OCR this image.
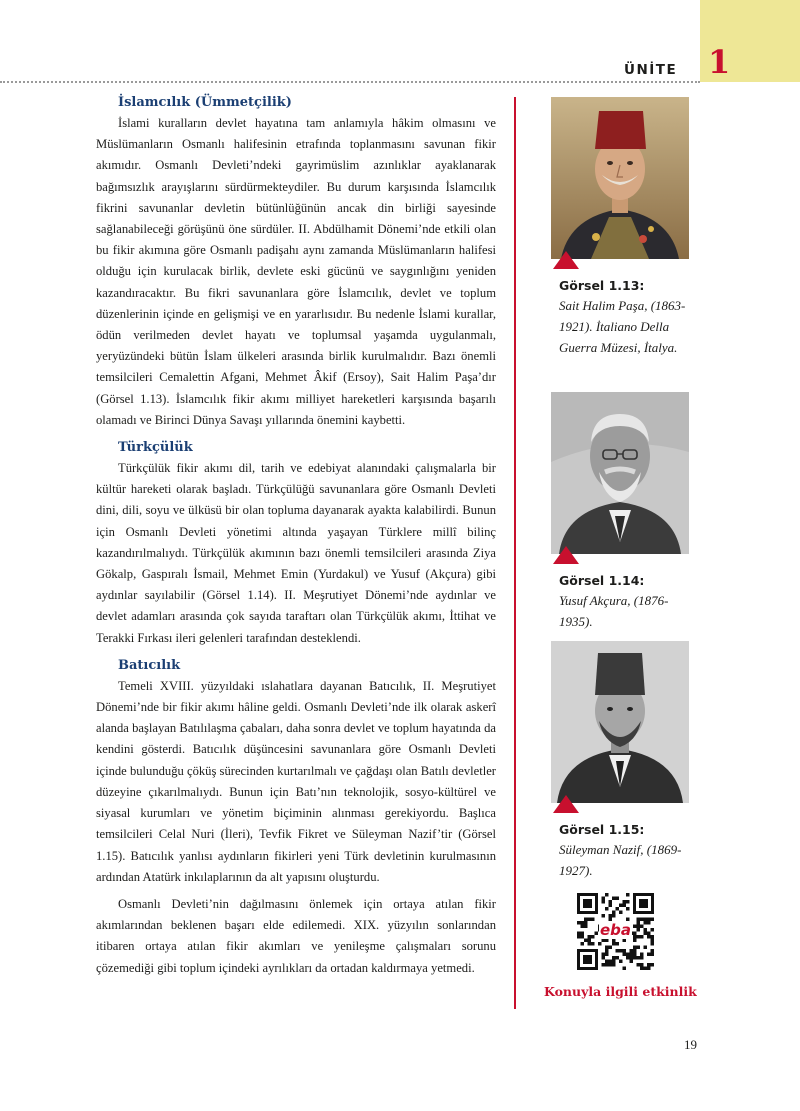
ÜNİTE 1
İslamcılık (Ümmetçilik)

İslami kuralların devlet hayatına tam anlamıyla hâkim olmasını ve Müslümanların Osmanlı halifesinin etrafında toplanmasını savunan fikir akımıdır. Osmanlı Devleti’ndeki gayrimüslim azınlıklar ayaklanarak bağımsızlık arayışlarını sürdürmekteydiler. Bu durum karşısında İslamcılık fikrini savunanlar devletin bütünlüğünün ancak din birliği sayesinde sağlanabileceği görüşünü öne sürdüler. II. Abdülhamit Dönemi’nde etkili olan bu fikir akımına göre Osmanlı padişahı aynı zamanda Müslümanların halifesi olduğu için kurulacak birlik, devlete eski gücünü ve saygınlığını yeniden kazandıracaktır. Bu fikri savunanlara göre İslamcılık, devlet ve toplum düzenlerinin içinde en gelişmişi ve en yararlısıdır. Bu nedenle İslami kurallar, ödün verilmeden devlet hayatı ve toplumsal yaşamda uygulanmalı, yeryüzündeki bütün İslam ülkeleri arasında birlik kurulmalıdır. Bazı önemli temsilcileri Cemalettin Afgani, Mehmet Âkif (Ersoy), Sait Halim Paşa’dır (Görsel 1.13). İslamcılık fikir akımı milliyet hareketleri karşısında başarılı olamadı ve Birinci Dünya Savaşı yıllarında önemini kaybetti.

Türkçülük

Türkçülük fikir akımı dil, tarih ve edebiyat alanındaki çalışmalarla bir kültür hareketi olarak başladı. Türkçülüğü savunanlara göre Osmanlı Devleti dini, dili, soyu ve ülküsü bir olan topluma dayanarak ayakta kalabilirdi. Bunun için Osmanlı Devleti yönetimi altında yaşayan Türklere millî bilinç kazandırılmalıydı. Türkçülük akımının bazı önemli temsilcileri arasında Ziya Gökalp, Gaspıralı İsmail, Mehmet Emin (Yurdakul) ve Yusuf (Akçura) gibi aydınlar sayılabilir (Görsel 1.14). II. Meşrutiyet Dönemi’nde aydınlar ve devlet adamları arasında çok sayıda taraftarı olan Türkçülük akımı, İttihat ve Terakki Fırkası ileri gelenleri tarafından desteklendi.

Batıcılık

Temeli XVIII. yüzyıldaki ıslahatlara dayanan Batıcılık, II. Meşrutiyet Dönemi’nde bir fikir akımı hâline geldi. Osmanlı Devleti’nde ilk olarak askerî alanda başlayan Batılılaşma çabaları, daha sonra devlet ve toplum hayatında da kendini gösterdi. Batıcılık düşüncesini savunanlara göre Osmanlı Devleti içinde bulunduğu çöküş sürecinden kurtarılmalı ve çağdaşı olan Batılı devletler düzeyine çıkarılmalıydı. Bunun için Batı’nın teknolojik, sosyo-kültürel ve siyasal kurumları ve yönetim biçiminin alınması gerekiyordu. Başlıca temsilcileri Celal Nuri (İleri), Tevfik Fikret ve Süleyman Nazif’tir (Görsel 1.15). Batıcılık yanlısı aydınların fikirleri yeni Türk devletinin kurulmasının ardından Atatürk inkılaplarının da alt yapısını oluşturdu.

Osmanlı Devleti’nin dağılmasını önlemek için ortaya atılan fikir akımlarından beklenen başarı elde edilemedi. XIX. yüzyılın sonlarından itibaren ortaya atılan fikir akımları ve yenileşme çalışmaları sorunu çözemediği gibi toplum içindeki ayrılıkları da ortadan kaldırmaya yetmedi.

Görsel 1.13:
Sait Halim Paşa, (1863-1921). İtaliano Della Guerra Müzesi, İtalya.
Görsel 1.14:
Yusuf Akçura, (1876-1935).
Görsel 1.15:
Süleyman Nazif, (1869-1927).
eba
Konuyla ilgili etkinlik
19
